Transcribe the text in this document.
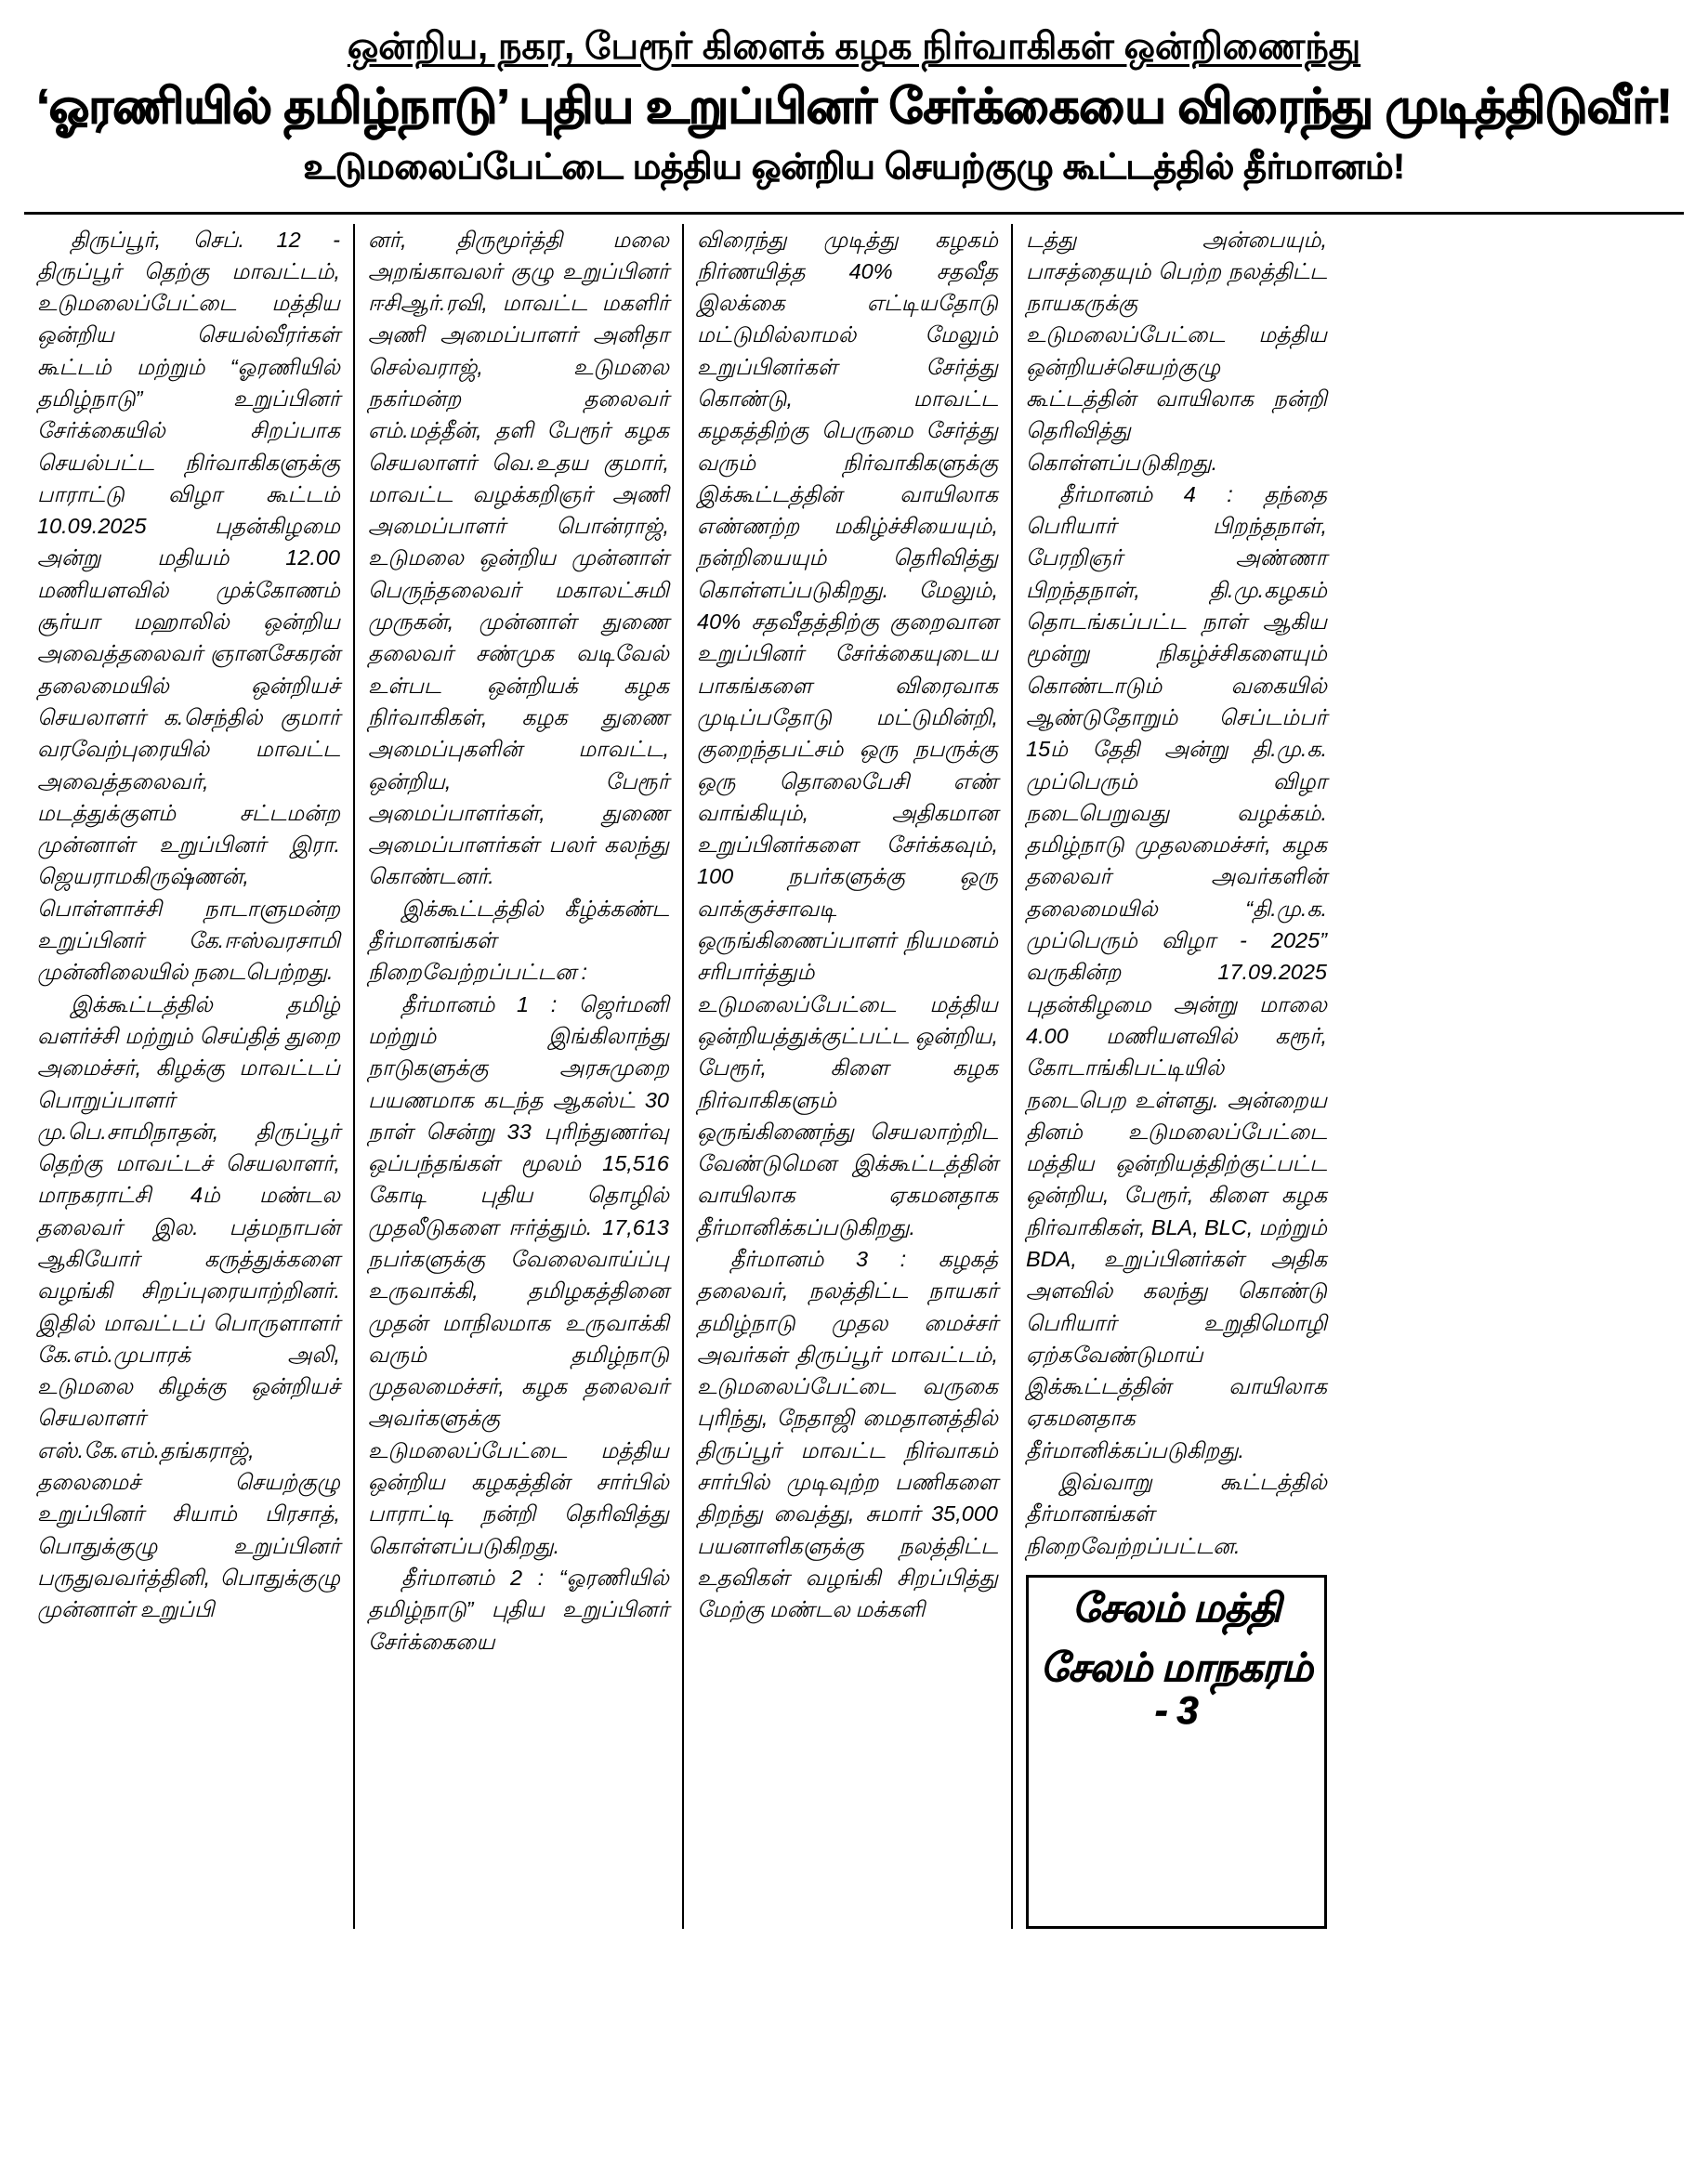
ஒன்றிய, நகர, பேரூர் கிளைக் கழக நிர்வாகிகள் ஒன்றிணைந்து
‘ஓரணியில் தமிழ்நாடு’ புதிய உறுப்பினர் சேர்க்கையை விரைந்து முடித்திடுவீர்!
உடுமலைப்பேட்டை மத்திய ஒன்றிய செயற்குழு கூட்டத்தில் தீர்மானம்!

திருப்பூர், செப். 12 - திருப்பூர் தெற்கு மாவட்டம், உடுமலைப்பேட்டை மத்திய ஒன்றிய செயல்வீரர்கள் கூட்டம் மற்றும் “ஓரணியில் தமிழ்நாடு” உறுப்பினர் சேர்க்கையில் சிறப்பாக செயல்பட்ட நிர்வாகிகளுக்கு பாராட்டு விழா கூட்டம் 10.09.2025 புதன்கிழமை அன்று மதியம் 12.00 மணியளவில் முக்கோணம் சூர்யா மஹாலில் ஒன்றிய அவைத்தலைவர் ஞானசேகரன் தலைமையில் ஒன்றியச் செயலாளர் க.செந்தில் குமார் வரவேற்புரையில் மாவட்ட அவைத்தலைவர், மடத்துக்குளம் சட்டமன்ற முன்னாள் உறுப்பினர் இரா. ஜெயராமகிருஷ்ணன், பொள்ளாச்சி நாடாளுமன்ற உறுப்பினர் கே.ஈஸ்வரசாமி முன்னிலையில் நடைபெற்றது.

இக்கூட்டத்தில் தமிழ் வளர்ச்சி மற்றும் செய்தித் துறை அமைச்சர், கிழக்கு மாவட்டப் பொறுப்பாளர் மு.பெ.சாமிநாதன், திருப்பூர் தெற்கு மாவட்டச் செயலாளர், மாநகராட்சி 4ம் மண்டல தலைவர் இல. பத்மநாபன் ஆகியோர் கருத்துக்களை வழங்கி சிறப்புரையாற்றினர். இதில் மாவட்டப் பொருளாளர் கே.எம்.முபாரக் அலி, உடுமலை கிழக்கு ஒன்றியச் செயலாளர் எஸ்.கே.எம்.தங்கராஜ், தலைமைச் செயற்குழு உறுப்பினர் சியாம் பிரசாத், பொதுக்குழு உறுப்பினர் பருதுவவர்த்தினி, பொதுக்குழு முன்னாள் உறுப்பி

னர், திருமூர்த்தி மலை அறங்காவலர் குழு உறுப்பினர் ஈசிஆர்.ரவி, மாவட்ட மகளிர் அணி அமைப்பாளர் அனிதா செல்வராஜ், உடுமலை நகர்மன்ற தலைவர் எம்.மத்தீன், தளி பேரூர் கழக செயலாளர் வெ.உதய குமார், மாவட்ட வழக்கறிஞர் அணி அமைப்பாளர் பொன்ராஜ், உடுமலை ஒன்றிய முன்னாள் பெருந்தலைவர் மகாலட்சுமி முருகன், முன்னாள் துணை தலைவர் சண்முக வடிவேல் உள்பட ஒன்றியக் கழக நிர்வாகிகள், கழக துணை அமைப்புகளின் மாவட்ட, ஒன்றிய, பேரூர் அமைப்பாளர்கள், துணை அமைப்பாளர்கள் பலர் கலந்து கொண்டனர்.

இக்கூட்டத்தில் கீழ்க்கண்ட தீர்மானங்கள் நிறைவேற்றப்பட்டன :

தீர்மானம் 1 : ஜெர்மனி மற்றும் இங்கிலாந்து நாடுகளுக்கு அரசுமுறை பயணமாக கடந்த ஆகஸ்ட் 30 நாள் சென்று 33 புரிந்துணர்வு ஒப்பந்தங்கள் மூலம் 15,516 கோடி புதிய தொழில் முதலீடுகளை ஈர்த்தும். 17,613 நபர்களுக்கு வேலைவாய்ப்பு உருவாக்கி, தமிழகத்தினை முதன் மாநிலமாக உருவாக்கி வரும் தமிழ்நாடு முதலமைச்சர், கழக தலைவர் அவர்களுக்கு உடுமலைப்பேட்டை மத்திய ஒன்றிய கழகத்தின் சார்பில் பாராட்டி நன்றி தெரிவித்து கொள்ளப்படுகிறது.

தீர்மானம் 2 : “ஓரணியில் தமிழ்நாடு” புதிய உறுப்பினர் சேர்க்கையை

விரைந்து முடித்து கழகம் நிர்ணயித்த 40% சதவீத இலக்கை எட்டியதோடு மட்டுமில்லாமல் மேலும் உறுப்பினர்கள் சேர்த்து கொண்டு, மாவட்ட கழகத்திற்கு பெருமை சேர்த்து வரும் நிர்வாகிகளுக்கு இக்கூட்டத்தின் வாயிலாக எண்ணற்ற மகிழ்ச்சியையும், நன்றியையும் தெரிவித்து கொள்ளப்படுகிறது. மேலும், 40% சதவீதத்திற்கு குறைவான உறுப்பினர் சேர்க்கையுடைய பாகங்களை விரைவாக முடிப்பதோடு மட்டுமின்றி, குறைந்தபட்சம் ஒரு நபருக்கு ஒரு தொலைபேசி எண் வாங்கியும், அதிகமான உறுப்பினர்களை சேர்க்கவும், 100 நபர்களுக்கு ஒரு வாக்குச்சாவடி ஒருங்கிணைப்பாளர் நியமனம் சரிபார்த்தும் உடுமலைப்பேட்டை மத்திய ஒன்றியத்துக்குட்பட்ட ஒன்றிய, பேரூர், கிளை கழக நிர்வாகிகளும் ஒருங்கிணைந்து செயலாற்றிட வேண்டுமென இக்கூட்டத்தின் வாயிலாக ஏகமனதாக தீர்மானிக்கப்படுகிறது.

தீர்மானம் 3 : கழகத் தலைவர், நலத்திட்ட நாயகர் தமிழ்நாடு முதல மைச்சர் அவர்கள் திருப்பூர் மாவட்டம், உடுமலைப்பேட்டை வருகை புரிந்து, நேதாஜி மைதானத்தில் திருப்பூர் மாவட்ட நிர்வாகம் சார்பில் முடிவுற்ற பணிகளை திறந்து வைத்து, சுமார் 35,000 பயனாளிகளுக்கு நலத்திட்ட உதவிகள் வழங்கி சிறப்பித்து மேற்கு மண்டல மக்களி

டத்து அன்பையும், பாசத்தையும் பெற்ற நலத்திட்ட நாயகருக்கு உடுமலைப்பேட்டை மத்திய ஒன்றியச்செயற்குழு கூட்டத்தின் வாயிலாக நன்றி தெரிவித்து கொள்ளப்படுகிறது.

தீர்மானம் 4 : தந்தை பெரியார் பிறந்தநாள், பேரறிஞர் அண்ணா பிறந்தநாள், தி.மு.கழகம் தொடங்கப்பட்ட நாள் ஆகிய மூன்று நிகழ்ச்சிகளையும் கொண்டாடும் வகையில் ஆண்டுதோறும் செப்டம்பர் 15ம் தேதி அன்று தி.மு.க. முப்பெரும் விழா நடைபெறுவது வழக்கம். தமிழ்நாடு முதலமைச்சர், கழக தலைவர் அவர்களின் தலைமையில் “தி.மு.க. முப்பெரும் விழா - 2025” வருகின்ற 17.09.2025 புதன்கிழமை அன்று மாலை 4.00 மணியளவில் கரூர், கோடாங்கிபட்டியில் நடைபெற உள்ளது. அன்றைய தினம் உடுமலைப்பேட்டை மத்திய ஒன்றியத்திற்குட்பட்ட ஒன்றிய, பேரூர், கிளை கழக நிர்வாகிகள், BLA, BLC, மற்றும் BDA, உறுப்பினர்கள் அதிக அளவில் கலந்து கொண்டு பெரியார் உறுதிமொழி ஏற்கவேண்டுமாய் இக்கூட்டத்தின் வாயிலாக ஏகமனதாக தீர்மானிக்கப்படுகிறது.

இவ்வாறு கூட்டத்தில் தீர்மானங்கள் நிறைவேற்றப்பட்டன.

சேலம் மத்தி
சேலம் மாநகரம் - 3
